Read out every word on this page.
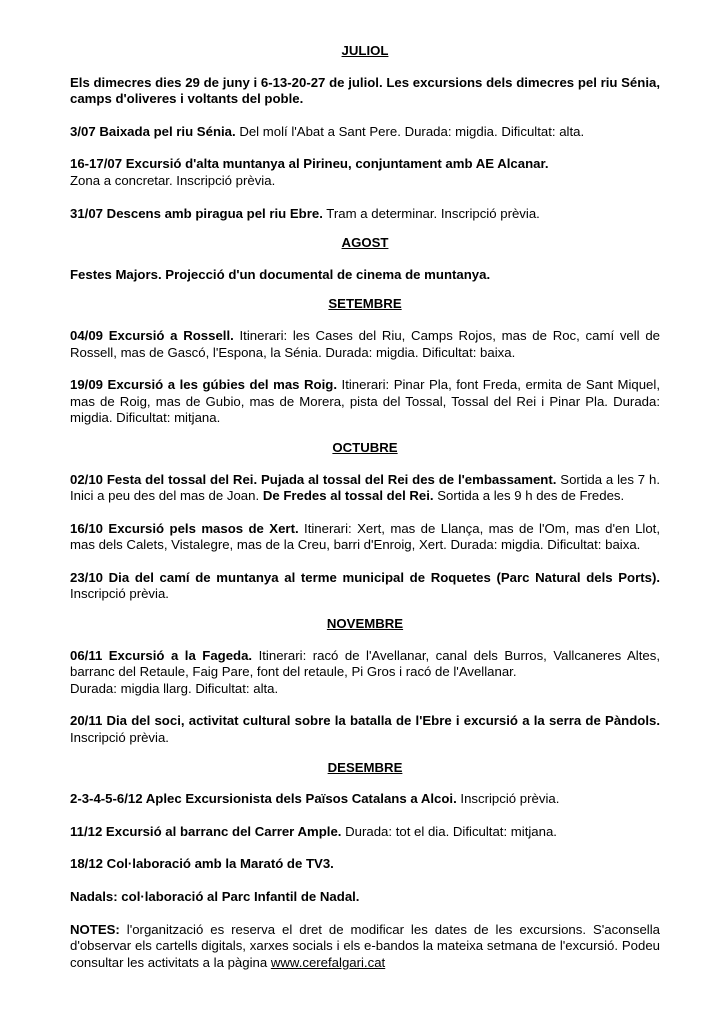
JULIOL
Els dimecres dies 29 de juny i 6-13-20-27 de juliol. Les excursions dels dimecres pel riu Sénia, camps d'oliveres i voltants del poble.
3/07 Baixada pel riu Sénia. Del molí l'Abat a Sant Pere. Durada: migdia. Dificultat: alta.
16-17/07 Excursió d'alta muntanya al Pirineu, conjuntament amb AE Alcanar.
Zona a concretar. Inscripció prèvia.
31/07 Descens amb piragua pel riu Ebre. Tram a determinar. Inscripció prèvia.
AGOST
Festes Majors. Projecció d'un documental de cinema de muntanya.
SETEMBRE
04/09 Excursió a Rossell. Itinerari: les Cases del Riu, Camps Rojos, mas de Roc, camí vell de Rossell, mas de Gascó, l'Espona, la Sénia. Durada: migdia. Dificultat: baixa.
19/09 Excursió a les gúbies del mas Roig. Itinerari: Pinar Pla, font Freda, ermita de Sant Miquel, mas de Roig, mas de Gubio, mas de Morera, pista del Tossal, Tossal del Rei i Pinar Pla. Durada: migdia. Dificultat: mitjana.
OCTUBRE
02/10 Festa del tossal del Rei. Pujada al tossal del Rei des de l'embassament. Sortida a les 7 h. Inici a peu des del mas de Joan. De Fredes al tossal del Rei. Sortida a les 9 h des de Fredes.
16/10 Excursió pels masos de Xert. Itinerari: Xert, mas de Llança, mas de l'Om, mas d'en Llot, mas dels Calets, Vistalegre, mas de la Creu, barri d'Enroig, Xert. Durada: migdia. Dificultat: baixa.
23/10 Dia del camí de muntanya al terme municipal de Roquetes (Parc Natural dels Ports). Inscripció prèvia.
NOVEMBRE
06/11 Excursió a la Fageda. Itinerari: racó de l'Avellanar, canal dels Burros, Vallcaneres Altes, barranc del Retaule, Faig Pare, font del retaule, Pi Gros i racó de l'Avellanar.
Durada: migdia llarg. Dificultat: alta.
20/11 Dia del soci, activitat cultural sobre la batalla de l'Ebre i excursió a la serra de Pàndols. Inscripció prèvia.
DESEMBRE
2-3-4-5-6/12 Aplec Excursionista dels Països Catalans a Alcoi. Inscripció prèvia.
11/12 Excursió al barranc del Carrer Ample. Durada: tot el dia. Dificultat: mitjana.
18/12 Col·laboració amb la Marató de TV3.
Nadals: col·laboració al Parc Infantil de Nadal.
NOTES: l'organització es reserva el dret de modificar les dates de les excursions. S'aconsella d'observar els cartells digitals, xarxes socials i els e-bandos la mateixa setmana de l'excursió. Podeu consultar les activitats a la pàgina www.cerefalgari.cat
